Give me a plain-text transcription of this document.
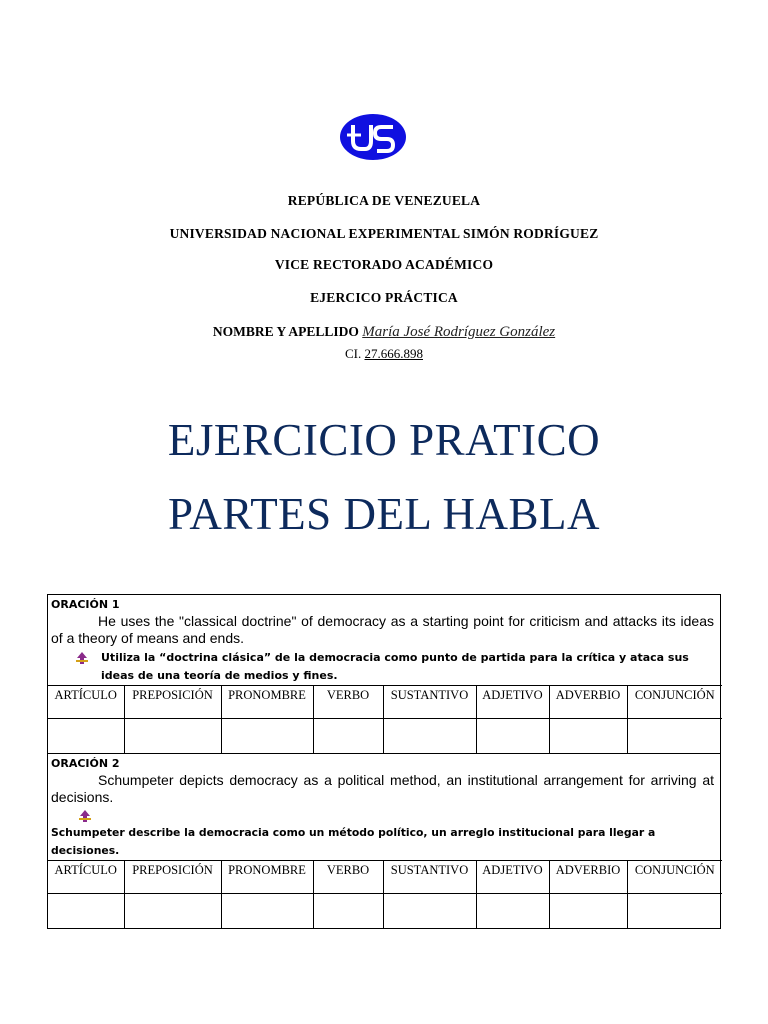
REPÚBLICA DE VENEZUELA
UNIVERSIDAD NACIONAL EXPERIMENTAL SIMÓN RODRÍGUEZ
VICE RECTORADO ACADÉMICO
EJERCICO PRÁCTICA
NOMBRE Y APELLIDO María José Rodríguez González
CI. 27.666.898
EJERCICIO PRATICO
PARTES DEL HABLA
ORACIÓN 1
He uses the "classical doctrine" of democracy as a starting point for criticism and attacks its ideas of a theory of means and ends.
Utiliza la “doctrina clásica” de la democracia como punto de partida para la crítica y ataca sus ideas de una teoría de medios y fines.
ARTÍCULO	PREPOSICIÓN	PRONOMBRE	VERBO	SUSTANTIVO	ADJETIVO	ADVERBIO	CONJUNCIÓN

ORACIÓN 2
Schumpeter depicts democracy as a political method, an institutional arrangement for arriving at decisions.
Schumpeter describe la democracia como un método político, un arreglo institucional para llegar a decisiones.
ARTÍCULO	PREPOSICIÓN	PRONOMBRE	VERBO	SUSTANTIVO	ADJETIVO	ADVERBIO	CONJUNCIÓN
